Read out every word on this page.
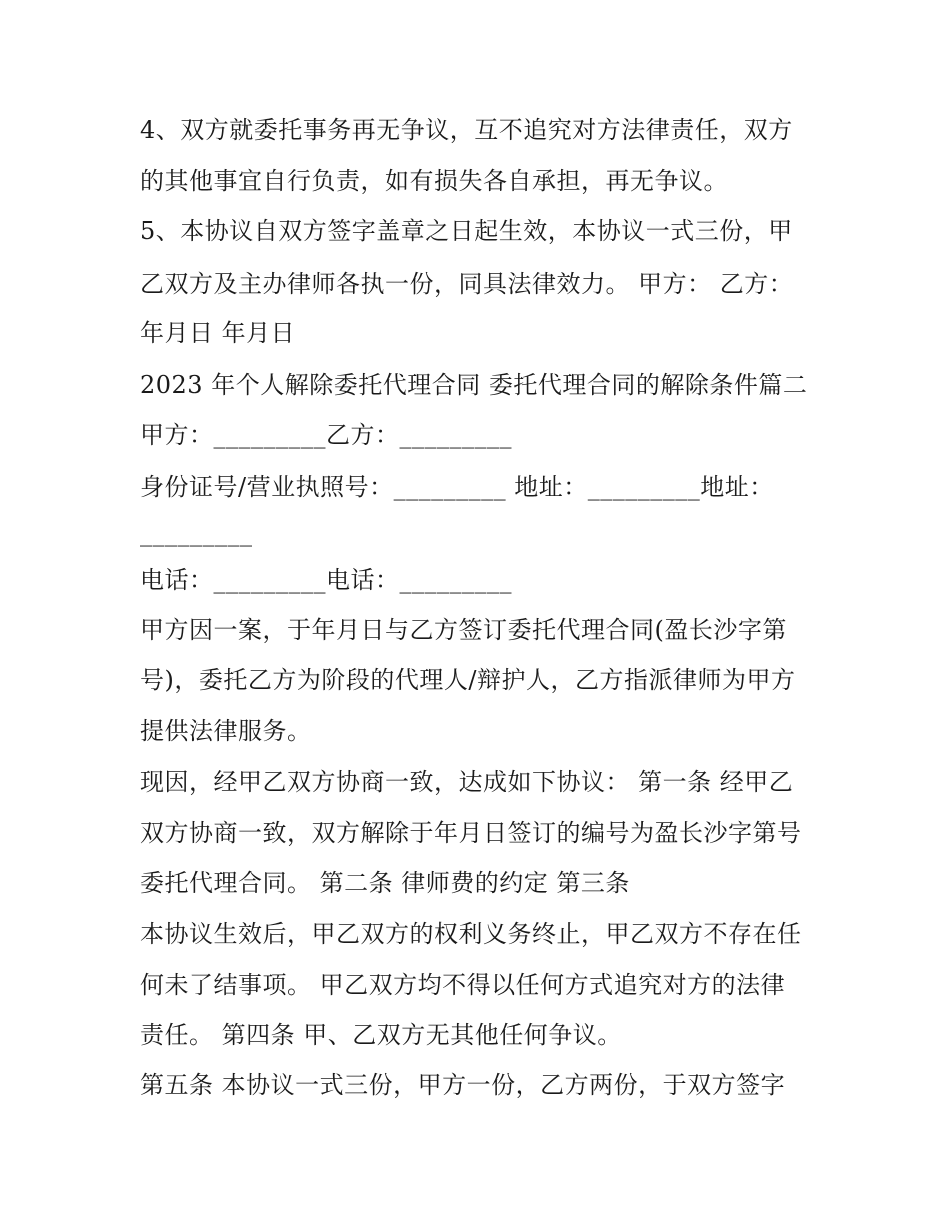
4、双方就委托事务再无争议，互不追究对方法律责任，双方

的其他事宜自行负责，如有损失各自承担，再无争议。

5、本协议自双方签字盖章之日起生效，本协议一式三份，甲

乙双方及主办律师各执一份，同具法律效力。 甲方： 乙方：

年月日 年月日

2023 年个人解除委托代理合同 委托代理合同的解除条件篇二

甲方：_________乙方：_________

身份证号/营业执照号：_________ 地址：_________地址：

_________

电话：_________电话：_________

甲方因一案，于年月日与乙方签订委托代理合同(盈长沙字第

号)，委托乙方为阶段的代理人/辩护人，乙方指派律师为甲方

提供法律服务。

现因，经甲乙双方协商一致，达成如下协议： 第一条 经甲乙

双方协商一致，双方解除于年月日签订的编号为盈长沙字第号

委托代理合同。 第二条 律师费的约定 第三条

本协议生效后，甲乙双方的权利义务终止，甲乙双方不存在任

何未了结事项。 甲乙双方均不得以任何方式追究对方的法律

责任。 第四条 甲、乙双方无其他任何争议。

第五条 本协议一式三份，甲方一份，乙方两份，于双方签字
